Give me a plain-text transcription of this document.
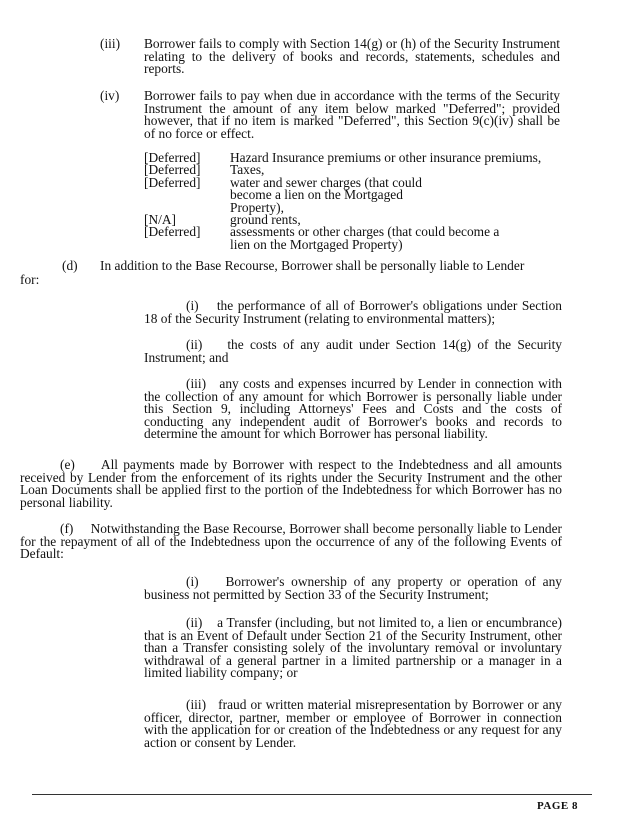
(iii) Borrower fails to comply with Section 14(g) or (h) of the Security Instrument relating to the delivery of books and records, statements, schedules and reports.

(iv) Borrower fails to pay when due in accordance with the terms of the Security Instrument the amount of any item below marked "Deferred"; provided however, that if no item is marked "Deferred", this Section 9(c)(iv) shall be of no force or effect.

[Deferred]	Hazard Insurance premiums or other insurance premiums,
[Deferred]	Taxes,
[Deferred]	water and sewer charges (that could become a lien on the Mortgaged Property),
[N/A]	ground rents,
[Deferred]	assessments or other charges (that could become a lien on the Mortgaged Property)
(d) In addition to the Base Recourse, Borrower shall be personally liable to Lender

for:

(i)    the performance of all of Borrower's obligations under Section 18 of the Security Instrument (relating to environmental matters);

(ii)    the costs of any audit under Section 14(g) of the Security Instrument; and

(iii)   any costs and expenses incurred by Lender in connection with the collection of any amount for which Borrower is personally liable under this Section 9, including Attorneys' Fees and Costs and the costs of conducting any independent audit of Borrower's books and records to determine the amount for which Borrower has personal liability.

(e)     All payments made by Borrower with respect to the Indebtedness and all amounts received by Lender from the enforcement of its rights under the Security Instrument and the other Loan Documents shall be applied first to the portion of the Indebtedness for which Borrower has no personal liability.

(f)     Notwithstanding the Base Recourse, Borrower shall become personally liable to Lender for the repayment of all of the Indebtedness upon the occurrence of any of the following Events of Default:

(i)    Borrower's ownership of any property or operation of any business not permitted by Section 33 of the Security Instrument;

(ii)    a Transfer (including, but not limited to, a lien or encumbrance) that is an Event of Default under Section 21 of the Security Instrument, other than a Transfer consisting solely of the involuntary removal or involuntary withdrawal of a general partner in a limited partnership or a manager in a limited liability company; or

(iii)   fraud or written material misrepresentation by Borrower or any officer, director, partner, member or employee of Borrower in connection with the application for or creation of the Indebtedness or any request for any action or consent by Lender.

PAGE 8
